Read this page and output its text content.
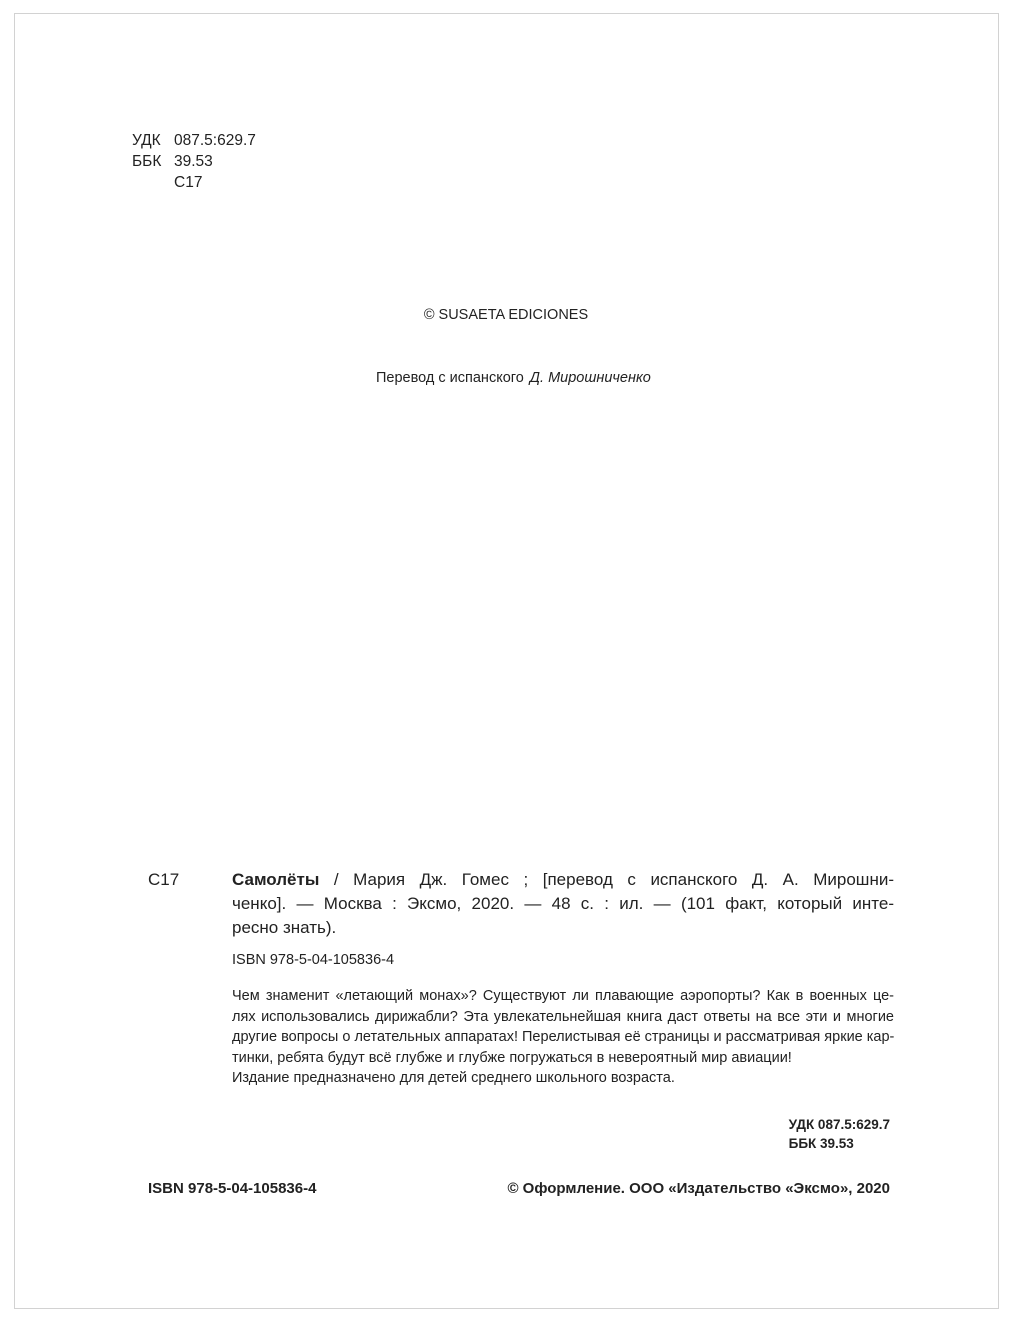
УДК 087.5:629.7
ББК 39.53
С17
© SUSAETA EDICIONES
Перевод с испанского Д. Мирошниченко
С17	Самолёты / Мария Дж. Гомес ; [перевод с испанского Д. А. Мирошни-
ченко]. — Москва : Эксмо, 2020. — 48 с. : ил. — (101 факт, который инте-
ресно знать).
ISBN 978-5-04-105836-4
Чем знаменит «летающий монах»? Существуют ли плавающие аэропорты? Как в военных це-
лях использовались дирижабли? Эта увлекательнейшая книга даст ответы на все эти и многие
другие вопросы о летательных аппаратах! Перелистывая её страницы и рассматривая яркие кар-
тинки, ребята будут всё глубже и глубже погружаться в невероятный мир авиации!
Издание предназначено для детей среднего школьного возраста.
УДК 087.5:629.7
ББК 39.53
ISBN 978-5-04-105836-4	© Оформление. ООО «Издательство «Эксмо», 2020
